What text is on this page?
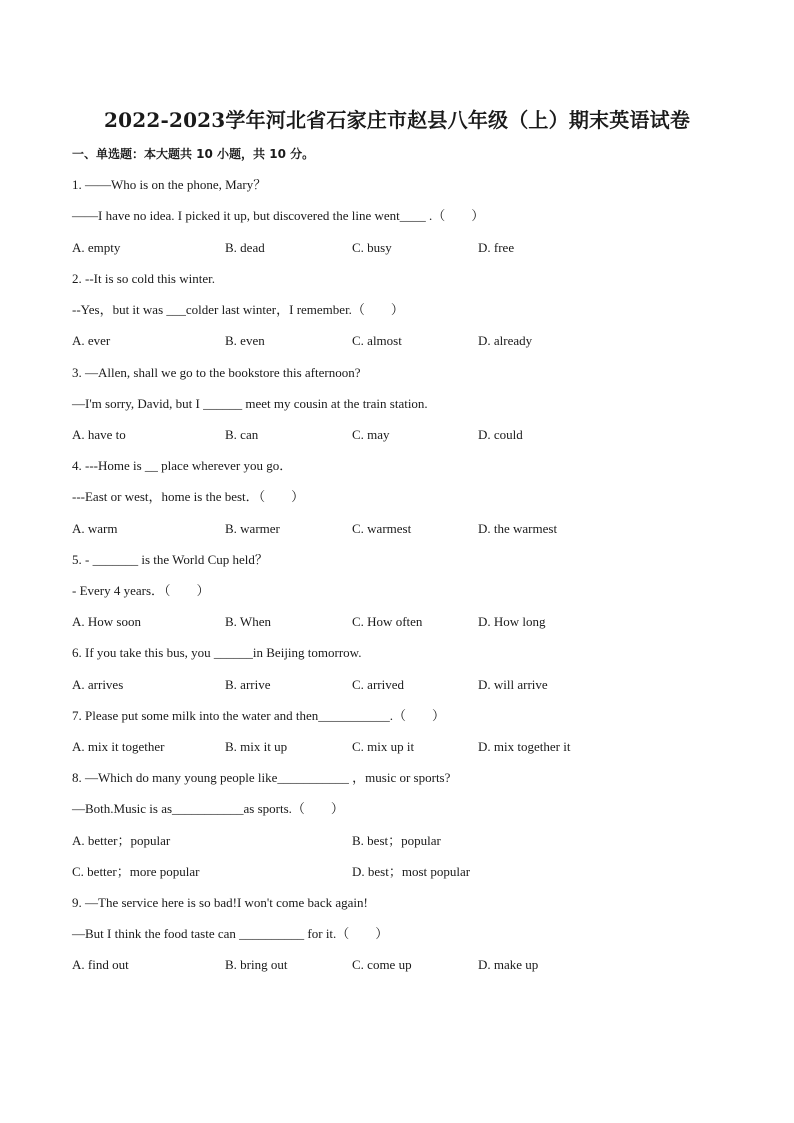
2022-2023学年河北省石家庄市赵县八年级（上）期末英语试卷
一、单选题：本大题共 10 小题，共 10 分。
1. ——Who is on the phone, Mary？
——I have no idea. I picked it up, but discovered the line went____ .（　　）
A. empty	B. dead	C. busy	D. free
2. --It is so cold this winter.
--Yes，but it was ___colder last winter，I remember.（　　）
A. ever	B. even	C. almost	D. already
3. —Allen, shall we go to the bookstore this afternoon?
—I'm sorry, David, but I ______ meet my cousin at the train station.
A. have to	B. can	C. may	D. could
4. ---Home is __ place wherever you go．
---East or west，home is the best．（　　）
A. warm	B. warmer	C. warmest	D. the warmest
5. - _______ is the World Cup held？
- Every 4 years．（　　）
A. How soon	B. When	C. How often	D. How long
6. If you take this bus, you ______in Beijing tomorrow.
A. arrives	B. arrive	C. arrived	D. will arrive
7. Please put some milk into the water and then___________.（　　）
A. mix it together	B. mix it up	C. mix up it	D. mix together it
8. —Which do many young people like___________ ，music or sports?
—Both.Music is as___________as sports.（　　）
A. better；popular	B. best；popular
C. better；more popular	D. best；most popular
9. —The service here is so bad!I won't come back again!
—But I think the food taste can __________ for it.（　　）
A. find out	B. bring out	C. come up	D. make up
